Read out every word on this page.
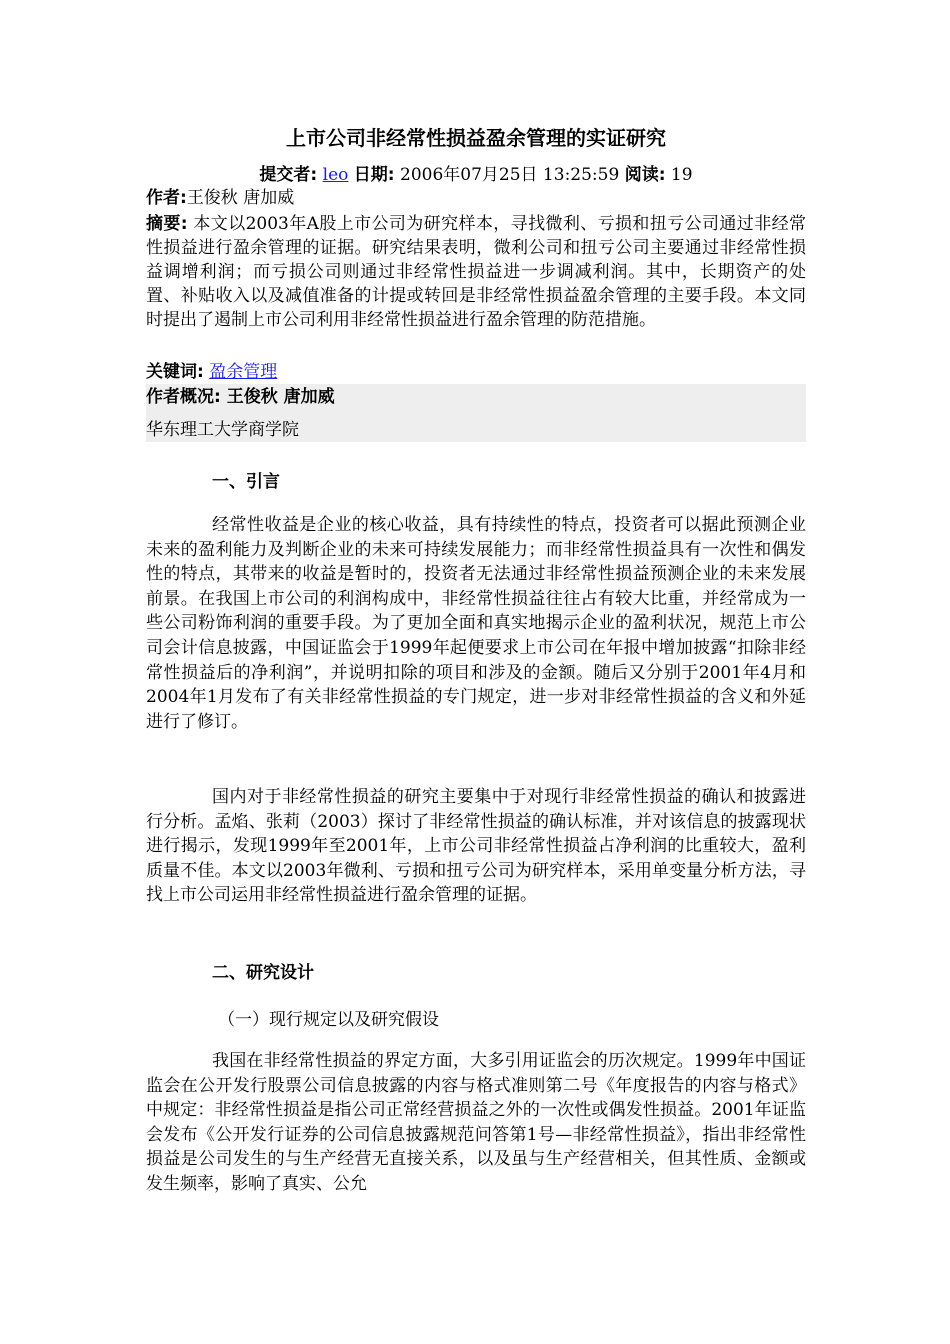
上市公司非经常性损益盈余管理的实证研究
提交者: leo 日期: 2006年07月25日 13:25:59 阅读: 19
作者:王俊秋 唐加威
摘要: 本文以2003年A股上市公司为研究样本，寻找微利、亏损和扭亏公司通过非经常性损益进行盈余管理的证据。研究结果表明，微利公司和扭亏公司主要通过非经常性损益调增利润；而亏损公司则通过非经常性损益进一步调减利润。其中，长期资产的处置、补贴收入以及减值准备的计提或转回是非经常性损益盈余管理的主要手段。本文同时提出了遏制上市公司利用非经常性损益进行盈余管理的防范措施。
关键词: 盈余管理
作者概况: 王俊秋 唐加威
华东理工大学商学院
一、引言
经常性收益是企业的核心收益，具有持续性的特点，投资者可以据此预测企业未来的盈利能力及判断企业的未来可持续发展能力；而非经常性损益具有一次性和偶发性的特点，其带来的收益是暂时的，投资者无法通过非经常性损益预测企业的未来发展前景。在我国上市公司的利润构成中，非经常性损益往往占有较大比重，并经常成为一些公司粉饰利润的重要手段。为了更加全面和真实地揭示企业的盈利状况，规范上市公司会计信息披露，中国证监会于1999年起便要求上市公司在年报中增加披露“扣除非经常性损益后的净利润”，并说明扣除的项目和涉及的金额。随后又分别于2001年4月和2004年1月发布了有关非经常性损益的专门规定，进一步对非经常性损益的含义和外延进行了修订。
国内对于非经常性损益的研究主要集中于对现行非经常性损益的确认和披露进行分析。孟焰、张莉（2003）探讨了非经常性损益的确认标准，并对该信息的披露现状进行揭示，发现1999年至2001年，上市公司非经常性损益占净利润的比重较大，盈利质量不佳。本文以2003年微利、亏损和扭亏公司为研究样本，采用单变量分析方法，寻找上市公司运用非经常性损益进行盈余管理的证据。
二、研究设计
（一）现行规定以及研究假设
我国在非经常性损益的界定方面，大多引用证监会的历次规定。1999年中国证监会在公开发行股票公司信息披露的内容与格式准则第二号《年度报告的内容与格式》中规定：非经常性损益是指公司正常经营损益之外的一次性或偶发性损益。2001年证监会发布《公开发行证券的公司信息披露规范问答第1号—非经常性损益》，指出非经常性损益是公司发生的与生产经营无直接关系，以及虽与生产经营相关，但其性质、金额或发生频率，影响了真实、公允
